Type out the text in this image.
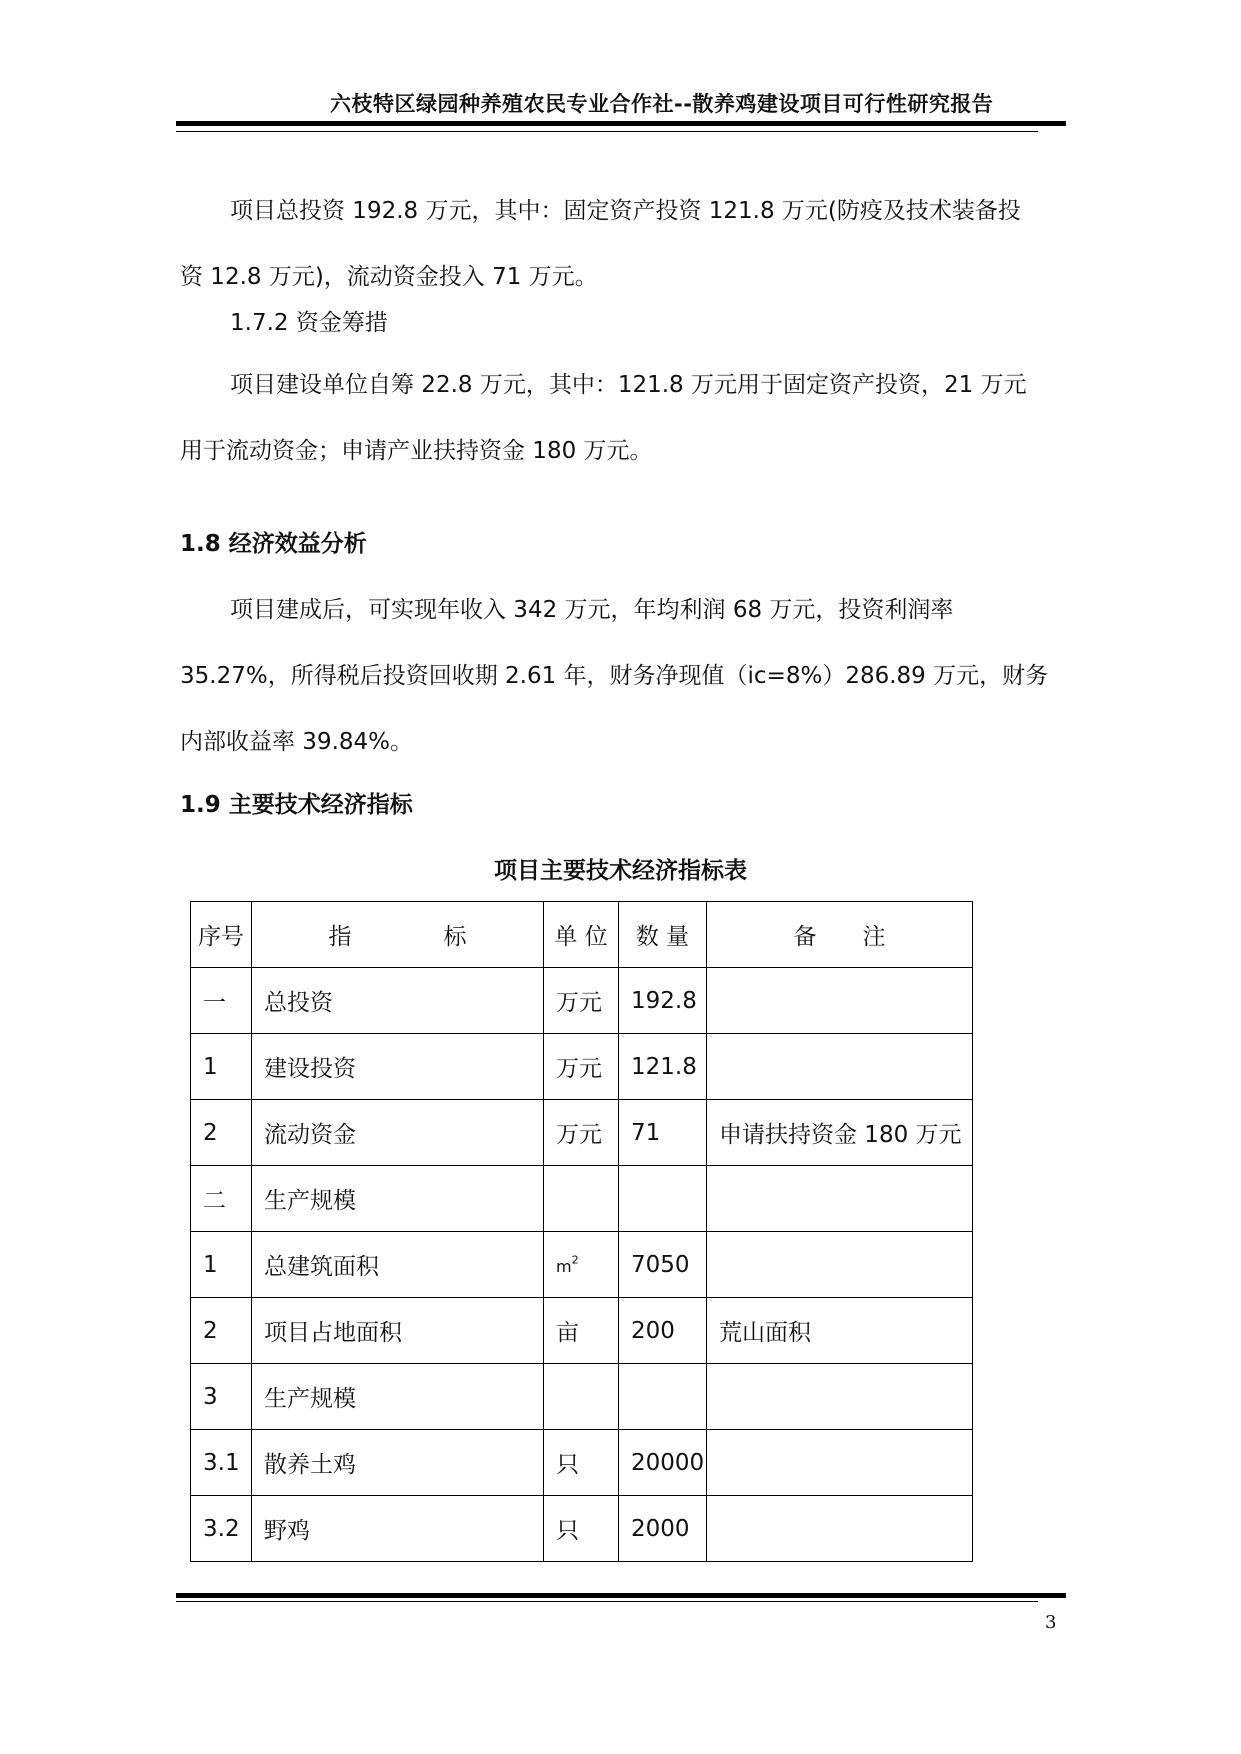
六枝特区绿园种养殖农民专业合作社--散养鸡建设项目可行性研究报告

项目总投资 192.8 万元，其中：固定资产投资 121.8 万元(防疫及技术装备投
资 12.8 万元)，流动资金投入 71 万元。

1.7.2 资金筹措

项目建设单位自筹 22.8 万元，其中：121.8 万元用于固定资产投资，21 万元
用于流动资金；申请产业扶持资金 180 万元。

1.8 经济效益分析

项目建成后，可实现年收入 342 万元，年均利润 68 万元，投资利润率
35.27%，所得税后投资回收期 2.61 年，财务净现值（ic=8%）286.89 万元，财务
内部收益率 39.84%。

1.9 主要技术经济指标

项目主要技术经济指标表
序号	指　　　　标	单 位	数 量	备　　注
一	总投资	万元	192.8	
1	建设投资	万元	121.8	
2	流动资金	万元	71	申请扶持资金 180 万元
二	生产规模			
1	总建筑面积	$m^2$	7050	
2	项目占地面积	亩	200	荒山面积
3	生产规模			
3.1	散养土鸡	只	20000	
3.2	野鸡	只	2000	
3
